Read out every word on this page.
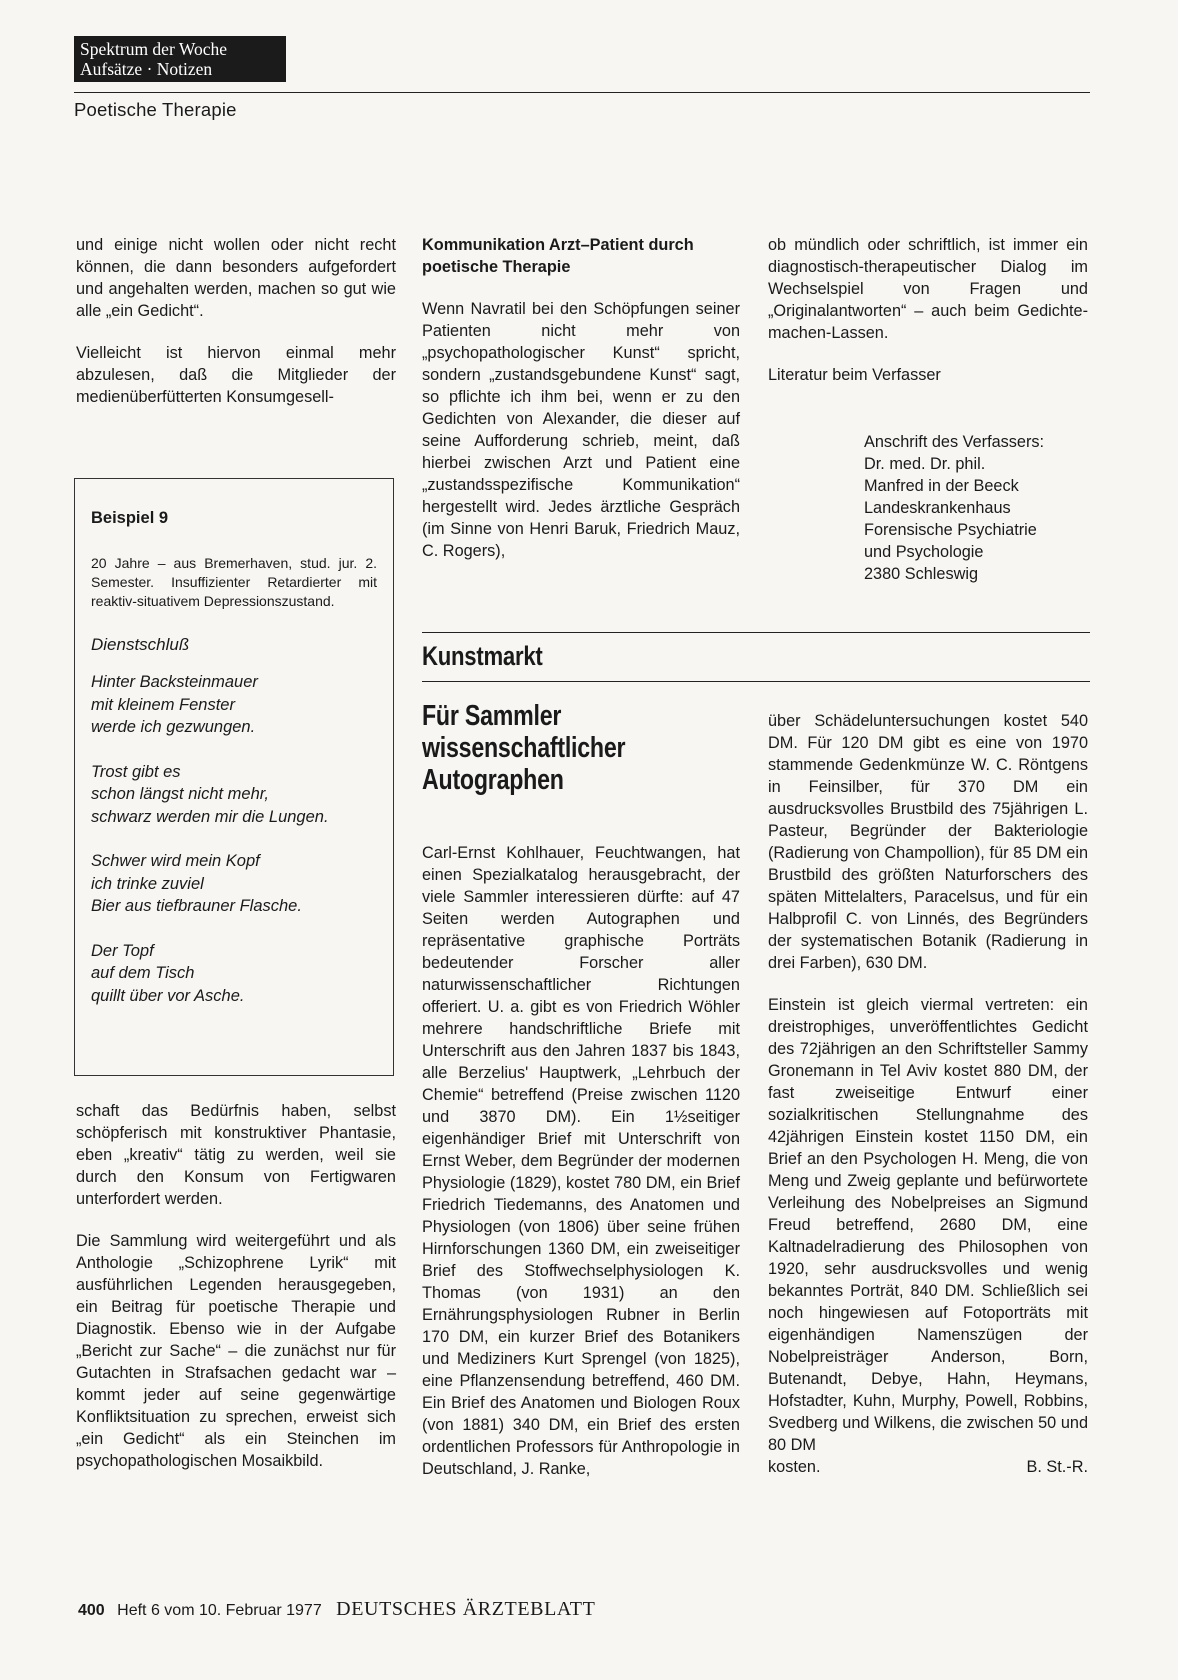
Spektrum der Woche
Aufsätze · Notizen
Poetische Therapie

und einige nicht wollen oder nicht recht können, die dann besonders aufgefordert und angehalten werden, machen so gut wie alle „ein Gedicht“.

Vielleicht ist hiervon einmal mehr abzulesen, daß die Mitglieder der medienüberfütterten Konsumgesell-

Beispiel 9
20 Jahre – aus Bremerhaven, stud. jur. 2. Semester. Insuffizienter Retardierter mit reaktiv-situativem Depressionszustand.
Dienstschluß
Hinter Backsteinmauer
mit kleinem Fenster
werde ich gezwungen.
Trost gibt es
schon längst nicht mehr,
schwarz werden mir die Lungen.
Schwer wird mein Kopf
ich trinke zuviel
Bier aus tiefbrauner Flasche.
Der Topf
auf dem Tisch
quillt über vor Asche.

schaft das Bedürfnis haben, selbst schöpferisch mit konstruktiver Phantasie, eben „kreativ“ tätig zu werden, weil sie durch den Konsum von Fertigwaren unterfordert werden.

Die Sammlung wird weitergeführt und als Anthologie „Schizophrene Lyrik“ mit ausführlichen Legenden herausgegeben, ein Beitrag für poetische Therapie und Diagnostik. Ebenso wie in der Aufgabe „Bericht zur Sache“ – die zunächst nur für Gutachten in Strafsachen gedacht war – kommt jeder auf seine gegenwärtige Konfliktsituation zu sprechen, erweist sich „ein Gedicht“ als ein Steinchen im psychopathologischen Mosaikbild.

Kommunikation Arzt–Patient durch poetische Therapie

Wenn Navratil bei den Schöpfungen seiner Patienten nicht mehr von „psychopathologischer Kunst“ spricht, sondern „zustandsgebundene Kunst“ sagt, so pflichte ich ihm bei, wenn er zu den Gedichten von Alexander, die dieser auf seine Aufforderung schrieb, meint, daß hierbei zwischen Arzt und Patient eine „zustandsspezifische Kommunikation“ hergestellt wird. Jedes ärztliche Gespräch (im Sinne von Henri Baruk, Friedrich Mauz, C. Rogers),

ob mündlich oder schriftlich, ist immer ein diagnostisch-therapeutischer Dialog im Wechselspiel von Fragen und „Originalantworten“ – auch beim Gedichte-machen-Lassen.

Literatur beim Verfasser

Anschrift des Verfassers:
Dr. med. Dr. phil.
Manfred in der Beeck
Landeskrankenhaus
Forensische Psychiatrie
und Psychologie
2380 Schleswig
Kunstmarkt
Für Sammler
wissenschaftlicher
Autographen

Carl-Ernst Kohlhauer, Feuchtwangen, hat einen Spezialkatalog herausgebracht, der viele Sammler interessieren dürfte: auf 47 Seiten werden Autographen und repräsentative graphische Porträts bedeutender Forscher aller naturwissenschaftlicher Richtungen offeriert. U. a. gibt es von Friedrich Wöhler mehrere handschriftliche Briefe mit Unterschrift aus den Jahren 1837 bis 1843, alle Berzelius' Hauptwerk, „Lehrbuch der Chemie“ betreffend (Preise zwischen 1120 und 3870 DM). Ein 1½seitiger eigenhändiger Brief mit Unterschrift von Ernst Weber, dem Begründer der modernen Physiologie (1829), kostet 780 DM, ein Brief Friedrich Tiedemanns, des Anatomen und Physiologen (von 1806) über seine frühen Hirnforschungen 1360 DM, ein zweiseitiger Brief des Stoffwechselphysiologen K. Thomas (von 1931) an den Ernährungsphysiologen Rubner in Berlin 170 DM, ein kurzer Brief des Botanikers und Mediziners Kurt Sprengel (von 1825), eine Pflanzensendung betreffend, 460 DM. Ein Brief des Anatomen und Biologen Roux (von 1881) 340 DM, ein Brief des ersten ordentlichen Professors für Anthropologie in Deutschland, J. Ranke,

über Schädeluntersuchungen kostet 540 DM. Für 120 DM gibt es eine von 1970 stammende Gedenkmünze W. C. Röntgens in Feinsilber, für 370 DM ein ausdrucksvolles Brustbild des 75jährigen L. Pasteur, Begründer der Bakteriologie (Radierung von Champollion), für 85 DM ein Brustbild des größten Naturforschers des späten Mittelalters, Paracelsus, und für ein Halbprofil C. von Linnés, des Begründers der systematischen Botanik (Radierung in drei Farben), 630 DM.

Einstein ist gleich viermal vertreten: ein dreistrophiges, unveröffentlichtes Gedicht des 72jährigen an den Schriftsteller Sammy Gronemann in Tel Aviv kostet 880 DM, der fast zweiseitige Entwurf einer sozialkritischen Stellungnahme des 42jährigen Einstein kostet 1150 DM, ein Brief an den Psychologen H. Meng, die von Meng und Zweig geplante und befürwortete Verleihung des Nobelpreises an Sigmund Freud betreffend, 2680 DM, eine Kaltnadelradierung des Philosophen von 1920, sehr ausdrucksvolles und wenig bekanntes Porträt, 840 DM. Schließlich sei noch hingewiesen auf Fotoporträts mit eigenhändigen Namenszügen der Nobelpreisträger Anderson, Born, Butenandt, Debye, Hahn, Heymans, Hofstadter, Kuhn, Murphy, Powell, Robbins, Svedberg und Wilkens, die zwischen 50 und 80 DM

kosten.	B. St.-R.
400 Heft 6 vom 10. Februar 1977 DEUTSCHES ÄRZTEBLATT
